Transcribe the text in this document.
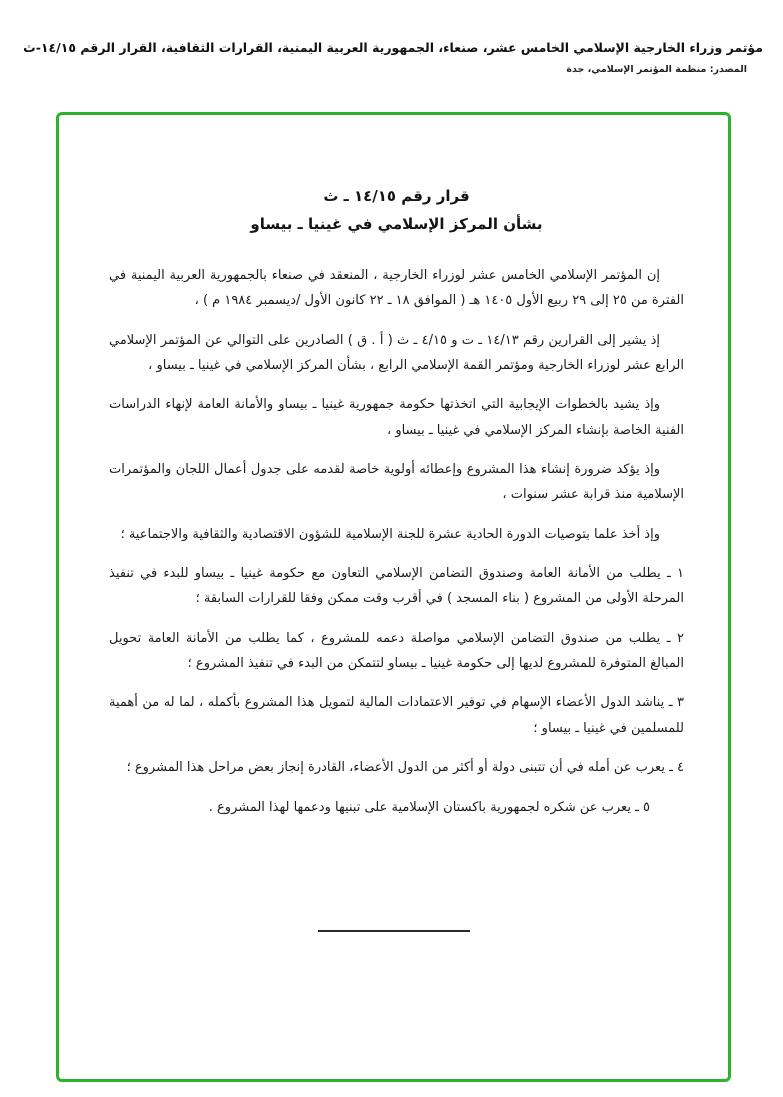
مؤتمر وزراء الخارجية الإسلامي الخامس عشر، صنعاء، الجمهورية العربية اليمنية، القرارات الثقافية، القرار الرقم ١٤/١٥-ث
المصدر: منظمة المؤتمر الإسلامي، جدة
قرار رقم ١٤/١٥ ـ ث
بشأن المركز الإسلامي في غينيا ـ بيساو
إن المؤتمر الإسلامي الخامس عشر لوزراء الخارجية ، المنعقد في صنعاء بالجمهورية العربية اليمنية في الفترة من ٢٥ إلى ٢٩ ربيع الأول ١٤٠٥ هـ ( الموافق ١٨ ـ ٢٢ كانون الأول /ديسمبر ١٩٨٤ م ) ،
إذ يشير إلى القرارين رقم ١٤/١٣ ـ ت و ٤/١٥ ـ ث ( أ . ق ) الصادرين على التوالي عن المؤتمر الإسلامي الرابع عشر لوزراء الخارجية ومؤتمر القمة الإسلامي الرابع ، بشأن المركز الإسلامي في غينيا ـ بيساو ،
وإذ يشيد بالخطوات الإيجابية التي اتخذتها حكومة جمهورية غينيا ـ بيساو والأمانة العامة لإنهاء الدراسات الفنية الخاصة بإنشاء المركز الإسلامي في غينيا ـ بيساو ،
وإذ يؤكد ضرورة إنشاء هذا المشروع وإعطائه أولوية خاصة لقدمه على جدول أعمال اللجان والمؤتمرات الإسلامية منذ قرابة عشر سنوات ،
وإذ أخذ علما بتوصيات الدورة الحادية عشرة للجنة الإسلامية للشؤون الاقتصادية والثقافية والاجتماعية ؛
١ ـ يطلب من الأمانة العامة وصندوق التضامن الإسلامي التعاون مع حكومة غينيا ـ بيساو للبدء في تنفيذ المرحلة الأولى من المشروع ( بناء المسجد ) في أقرب وقت ممكن وفقا للقرارات السابقة ؛
٢ ـ يطلب من صندوق التضامن الإسلامي مواصلة دعمه للمشروع ، كما يطلب من الأمانة العامة تحويل المبالغ المتوفرة للمشروع لديها إلى حكومة غينيا ـ بيساو لتتمكن من البدء في تنفيذ المشروع ؛
٣ ـ يناشد الدول الأعضاء الإسهام في توفير الاعتمادات المالية لتمويل هذا المشروع بأكمله ، لما له من أهمية للمسلمين في غينيا ـ بيساو ؛
٤ ـ يعرب عن أمله في أن تتبنى دولة أو أكثر من الدول الأعضاء، القادرة إنجاز بعض مراحل هذا المشروع ؛
٥ ـ يعرب عن شكره لجمهورية باكستان الإسلامية على تبنيها ودعمها لهذا المشروع .
